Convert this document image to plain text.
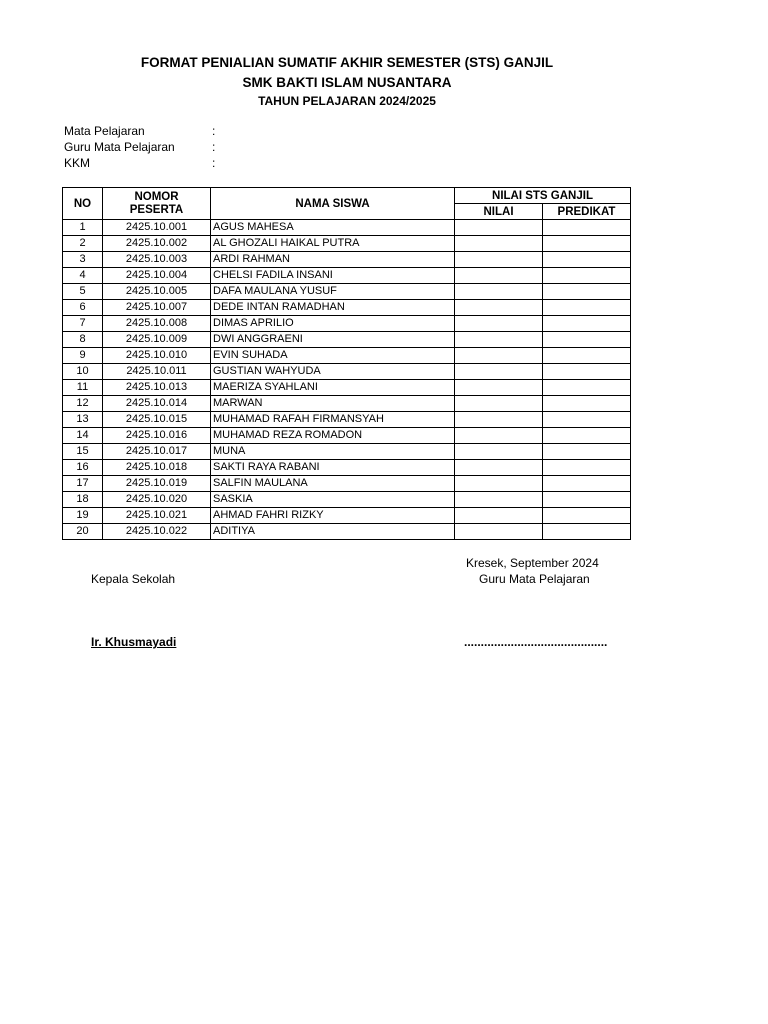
FORMAT PENIALIAN SUMATIF AKHIR SEMESTER (STS) GANJIL
SMK BAKTI ISLAM NUSANTARA
TAHUN PELAJARAN 2024/2025
Mata Pelajaran	:
Guru Mata Pelajaran	:
KKM	:
NO	NOMOR PESERTA	NAMA SISWA	NILAI STS GANJIL	
			NILAI	PREDIKAT
1	2425.10.001	AGUS MAHESA		
2	2425.10.002	AL GHOZALI HAIKAL PUTRA		
3	2425.10.003	ARDI RAHMAN		
4	2425.10.004	CHELSI FADILA INSANI		
5	2425.10.005	DAFA MAULANA YUSUF		
6	2425.10.007	DEDE INTAN RAMADHAN		
7	2425.10.008	DIMAS APRILIO		
8	2425.10.009	DWI ANGGRAENI		
9	2425.10.010	EVIN SUHADA		
10	2425.10.011	GUSTIAN WAHYUDA		
11	2425.10.013	MAERIZA SYAHLANI		
12	2425.10.014	MARWAN		
13	2425.10.015	MUHAMAD RAFAH FIRMANSYAH		
14	2425.10.016	MUHAMAD REZA ROMADON		
15	2425.10.017	MUNA		
16	2425.10.018	SAKTI RAYA RABANI		
17	2425.10.019	SALFIN MAULANA		
18	2425.10.020	SASKIA		
19	2425.10.021	AHMAD FAHRI RIZKY		
20	2425.10.022	ADITIYA		
Kresek, September 2024
Kepala Sekolah	Guru Mata Pelajaran
Ir. Khusmayadi	...........................................
